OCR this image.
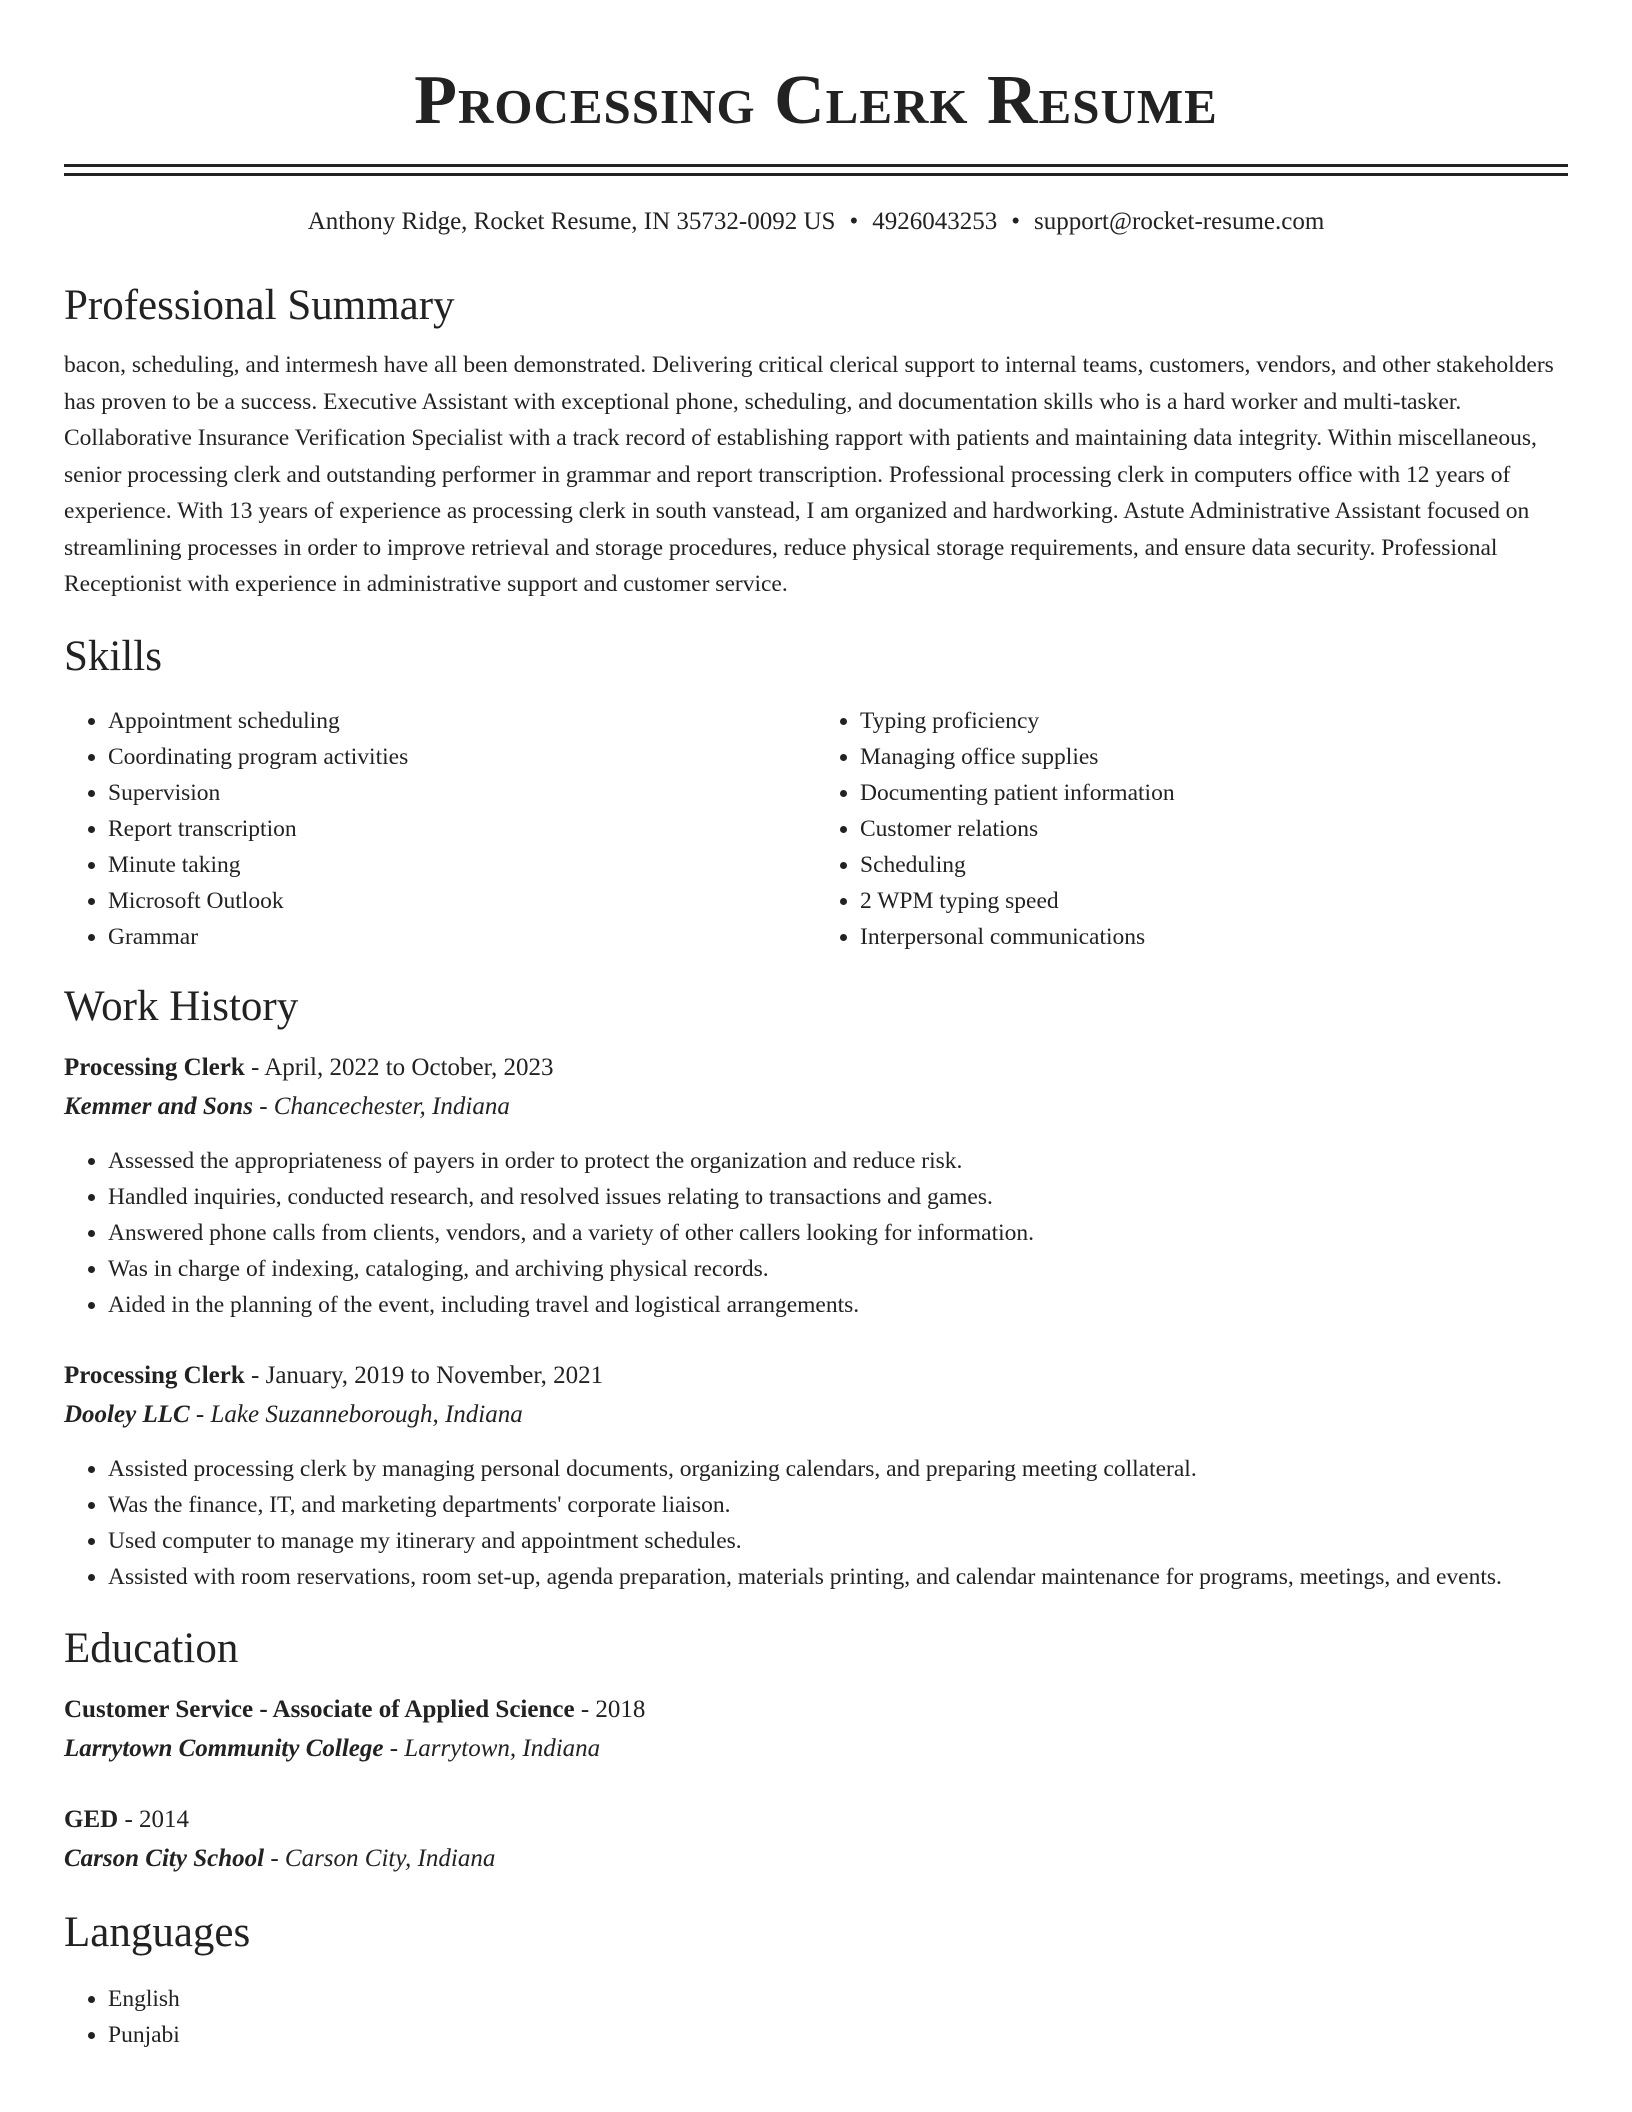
Processing Clerk Resume
Anthony Ridge, Rocket Resume, IN 35732-0092 US • 4926043253 • support@rocket-resume.com
Professional Summary
bacon, scheduling, and intermesh have all been demonstrated. Delivering critical clerical support to internal teams, customers, vendors, and other stakeholders has proven to be a success. Executive Assistant with exceptional phone, scheduling, and documentation skills who is a hard worker and multi-tasker. Collaborative Insurance Verification Specialist with a track record of establishing rapport with patients and maintaining data integrity. Within miscellaneous, senior processing clerk and outstanding performer in grammar and report transcription. Professional processing clerk in computers office with 12 years of experience. With 13 years of experience as processing clerk in south vanstead, I am organized and hardworking. Astute Administrative Assistant focused on streamlining processes in order to improve retrieval and storage procedures, reduce physical storage requirements, and ensure data security. Professional Receptionist with experience in administrative support and customer service.
Skills
• Appointment scheduling
• Coordinating program activities
• Supervision
• Report transcription
• Minute taking
• Microsoft Outlook
• Grammar
• Typing proficiency
• Managing office supplies
• Documenting patient information
• Customer relations
• Scheduling
• 2 WPM typing speed
• Interpersonal communications
Work History
Processing Clerk - April, 2022 to October, 2023
Kemmer and Sons - Chancechester, Indiana
• Assessed the appropriateness of payers in order to protect the organization and reduce risk.
• Handled inquiries, conducted research, and resolved issues relating to transactions and games.
• Answered phone calls from clients, vendors, and a variety of other callers looking for information.
• Was in charge of indexing, cataloging, and archiving physical records.
• Aided in the planning of the event, including travel and logistical arrangements.
Processing Clerk - January, 2019 to November, 2021
Dooley LLC - Lake Suzanneborough, Indiana
• Assisted processing clerk by managing personal documents, organizing calendars, and preparing meeting collateral.
• Was the finance, IT, and marketing departments' corporate liaison.
• Used computer to manage my itinerary and appointment schedules.
• Assisted with room reservations, room set-up, agenda preparation, materials printing, and calendar maintenance for programs, meetings, and events.
Education
Customer Service - Associate of Applied Science - 2018
Larrytown Community College - Larrytown, Indiana
GED - 2014
Carson City School - Carson City, Indiana
Languages
• English
• Punjabi
